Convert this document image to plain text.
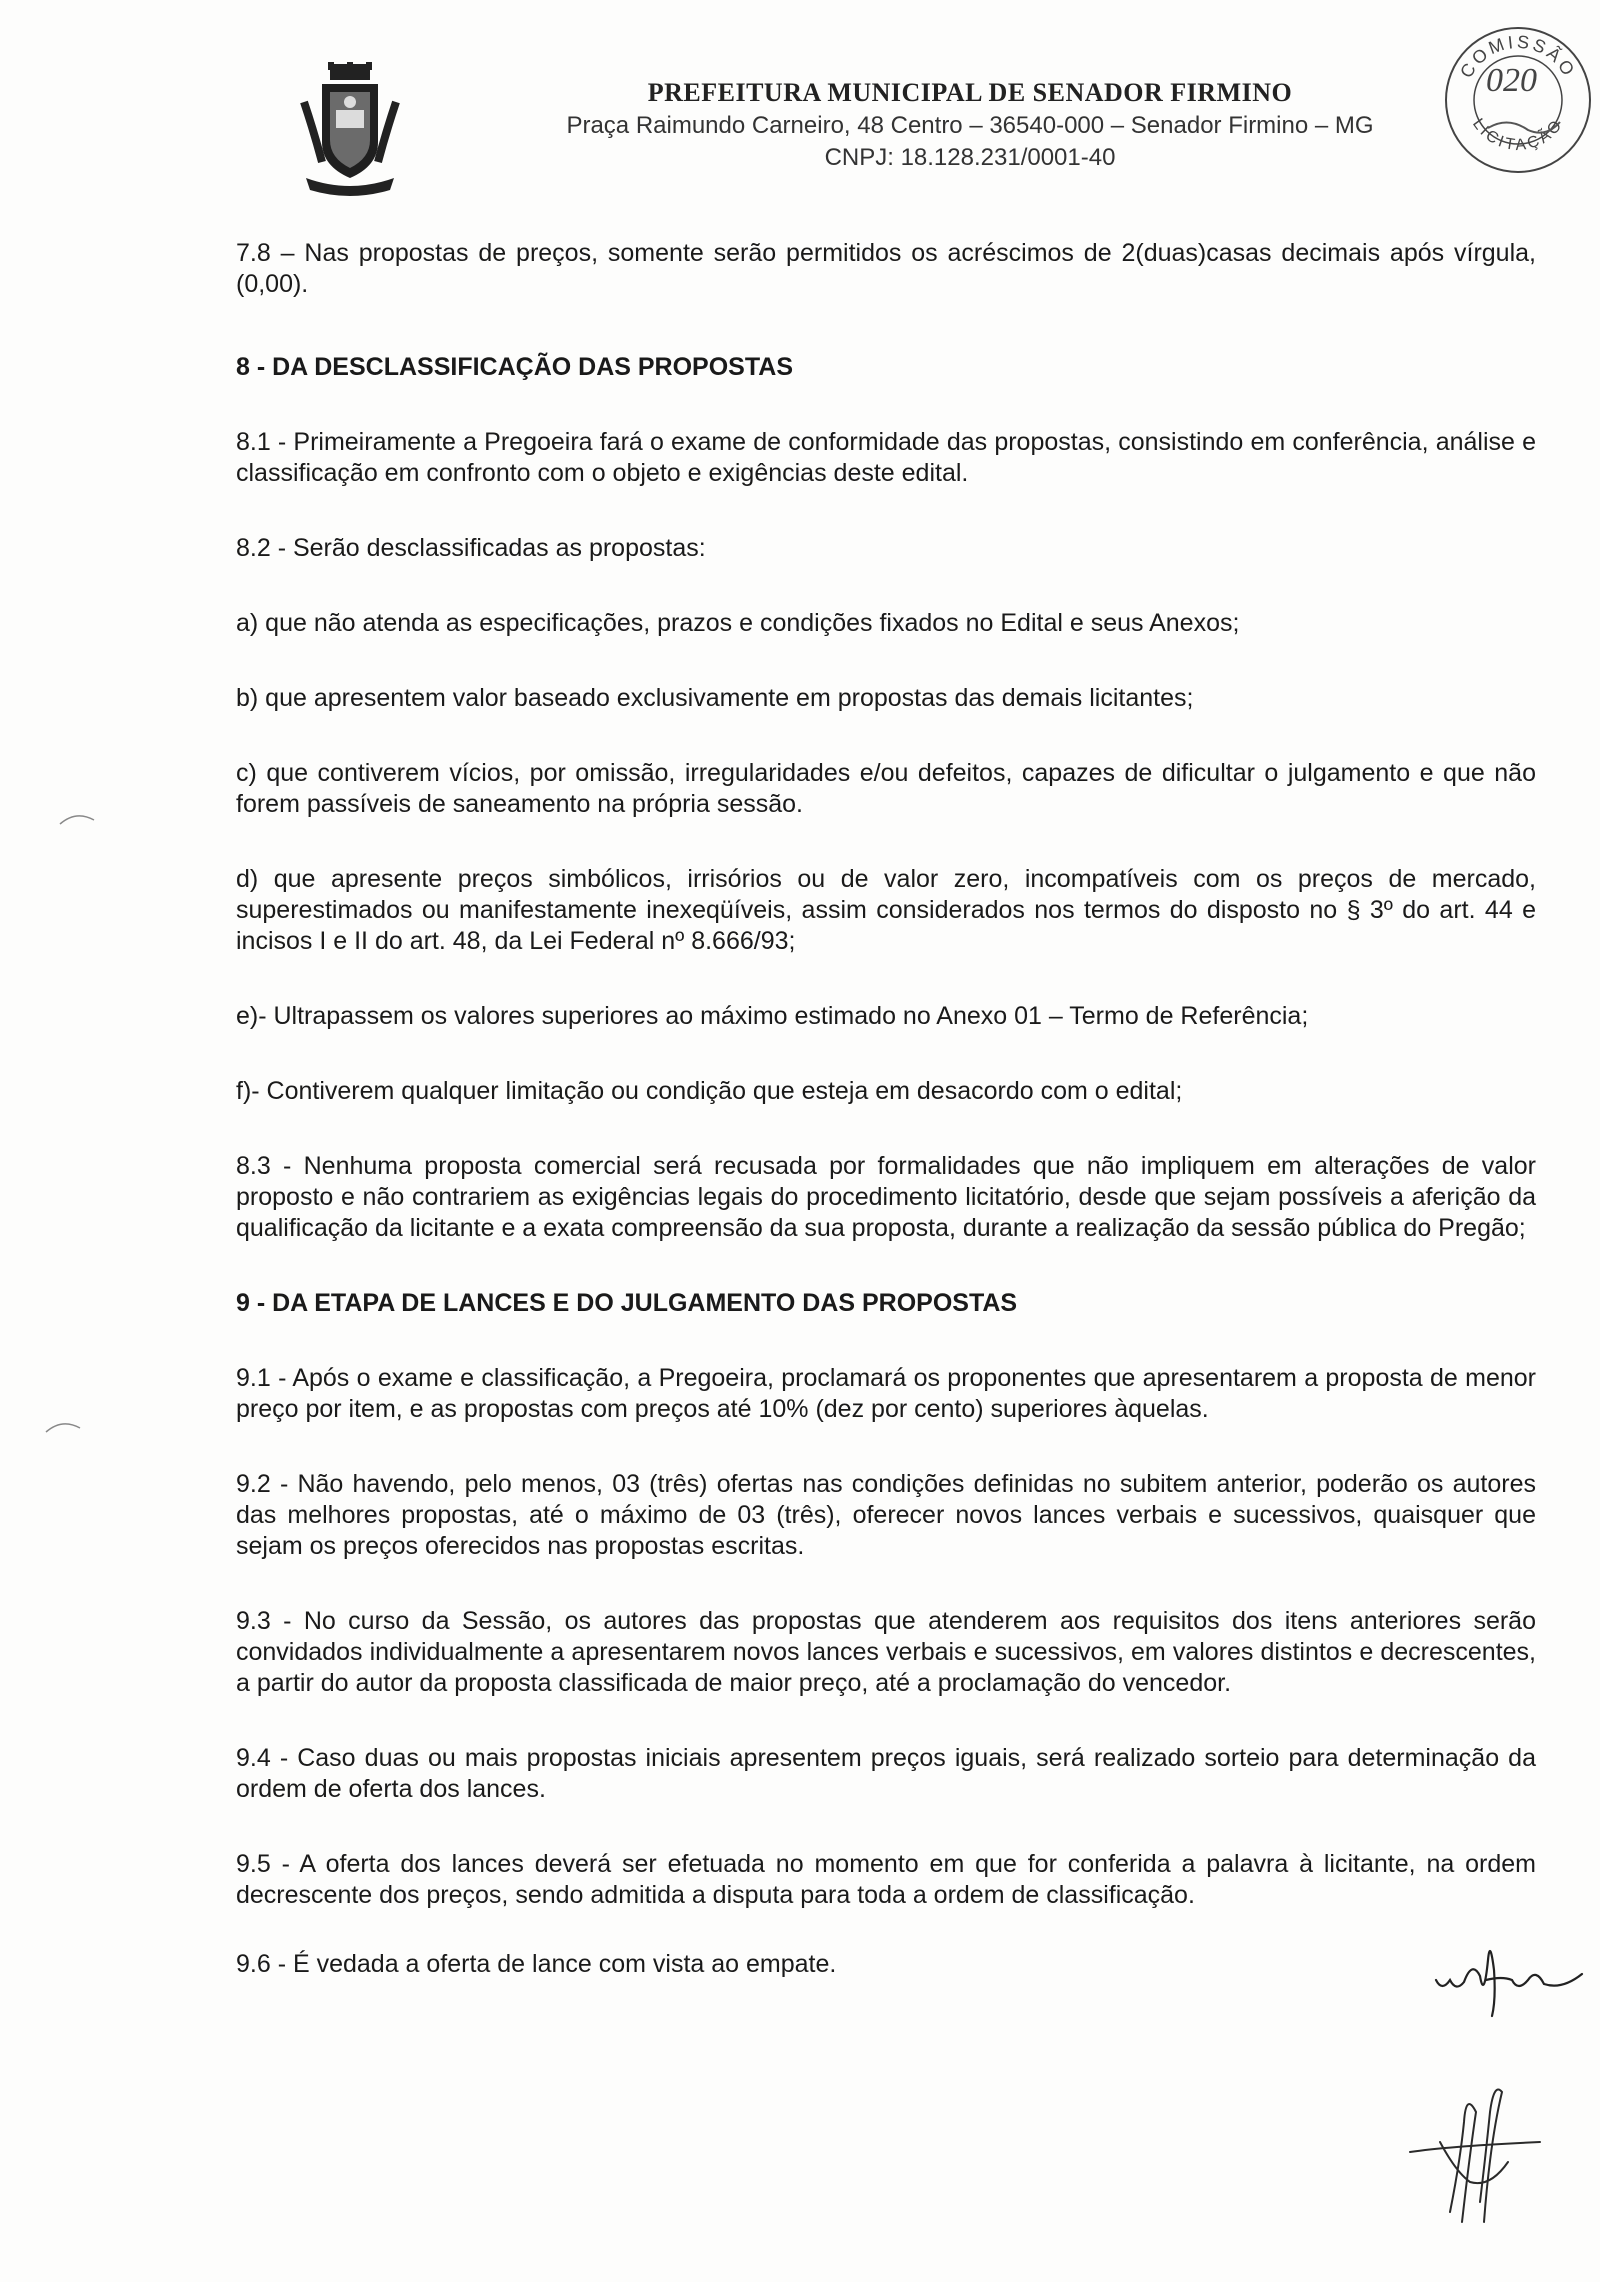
PREFEITURA MUNICIPAL DE SENADOR FIRMINO
Praça Raimundo Carneiro, 48 Centro – 36540-000 – Senador Firmino – MG
CNPJ: 18.128.231/0001-40
COMISSÃO
LICITAÇÃO
020

7.8 – Nas propostas de preços, somente serão permitidos os acréscimos de 2(duas)casas decimais após vírgula, (0,00).

8 - DA DESCLASSIFICAÇÃO DAS PROPOSTAS

8.1 - Primeiramente a Pregoeira fará o exame de conformidade das propostas, consistindo em conferência, análise e classificação em confronto com o objeto e exigências deste edital.

8.2 - Serão desclassificadas as propostas:

a) que não atenda as especificações, prazos e condições fixados no Edital e seus Anexos;

b) que apresentem valor baseado exclusivamente em propostas das demais licitantes;

c) que contiverem vícios, por omissão, irregularidades e/ou defeitos, capazes de dificultar o julgamento e que não forem passíveis de saneamento na própria sessão.

d) que apresente preços simbólicos, irrisórios ou de valor zero, incompatíveis com os preços de mercado, superestimados ou manifestamente inexeqüíveis, assim considerados nos termos do disposto no § 3º do art. 44 e incisos I e II do art. 48, da Lei Federal nº 8.666/93;

e)- Ultrapassem os valores superiores ao máximo estimado no Anexo 01 – Termo de Referência;

f)- Contiverem qualquer limitação ou condição que esteja em desacordo com o edital;

8.3 - Nenhuma proposta comercial será recusada por formalidades que não impliquem em alterações de valor proposto e não contrariem as exigências legais do procedimento licitatório, desde que sejam possíveis a aferição da qualificação da licitante e a exata compreensão da sua proposta, durante a realização da sessão pública do Pregão;

9 - DA ETAPA DE LANCES E DO JULGAMENTO DAS PROPOSTAS

9.1 - Após o exame e classificação, a Pregoeira, proclamará os proponentes que apresentarem a proposta de menor preço por item, e as propostas com preços até 10% (dez por cento) superiores àquelas.

9.2 - Não havendo, pelo menos, 03 (três) ofertas nas condições definidas no subitem anterior, poderão os autores das melhores propostas, até o máximo de 03 (três), oferecer novos lances verbais e sucessivos, quaisquer que sejam os preços oferecidos nas propostas escritas.

9.3 - No curso da Sessão, os autores das propostas que atenderem aos requisitos dos itens anteriores serão convidados individualmente a apresentarem novos lances verbais e sucessivos, em valores distintos e decrescentes, a partir do autor da proposta classificada de maior preço, até a proclamação do vencedor.

9.4 - Caso duas ou mais propostas iniciais apresentem preços iguais, será realizado sorteio para determinação da ordem de oferta dos lances.

9.5 - A oferta dos lances deverá ser efetuada no momento em que for conferida a palavra à licitante, na ordem decrescente dos preços, sendo admitida a disputa para toda a ordem de classificação.

9.6 - É vedada a oferta de lance com vista ao empate.
